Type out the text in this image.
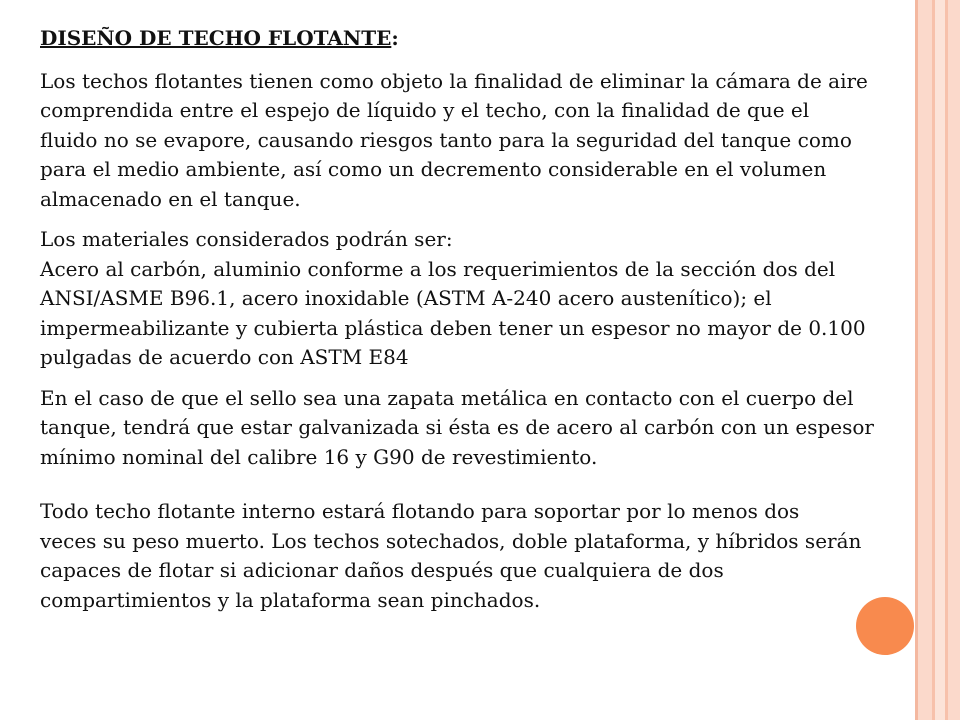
DISEÑO DE TECHO FLOTANTE:

Los techos flotantes tienen como objeto la finalidad de eliminar la cámara de aire
comprendida entre el espejo de líquido y el techo, con la finalidad de que el
fluido no se evapore, causando riesgos tanto para la seguridad del tanque como
para el medio ambiente, así como un decremento considerable en el volumen
almacenado en el tanque.

Los materiales considerados podrán ser:
Acero al carbón, aluminio conforme a los requerimientos de la sección dos del
ANSI/ASME B96.1, acero inoxidable (ASTM A-240 acero austenítico); el
impermeabilizante y cubierta plástica deben tener un espesor no mayor de 0.100
pulgadas de acuerdo con ASTM E84

En el caso de que el sello sea una zapata metálica en contacto con el cuerpo del
tanque, tendrá que estar galvanizada si ésta es de acero al carbón con un espesor
mínimo nominal del calibre 16 y G90 de revestimiento.

Todo techo flotante interno estará flotando para soportar por lo menos dos
veces su peso muerto. Los techos sotechados, doble plataforma, y híbridos serán
capaces de flotar si adicionar daños después que cualquiera de dos
compartimientos y la plataforma sean pinchados.
